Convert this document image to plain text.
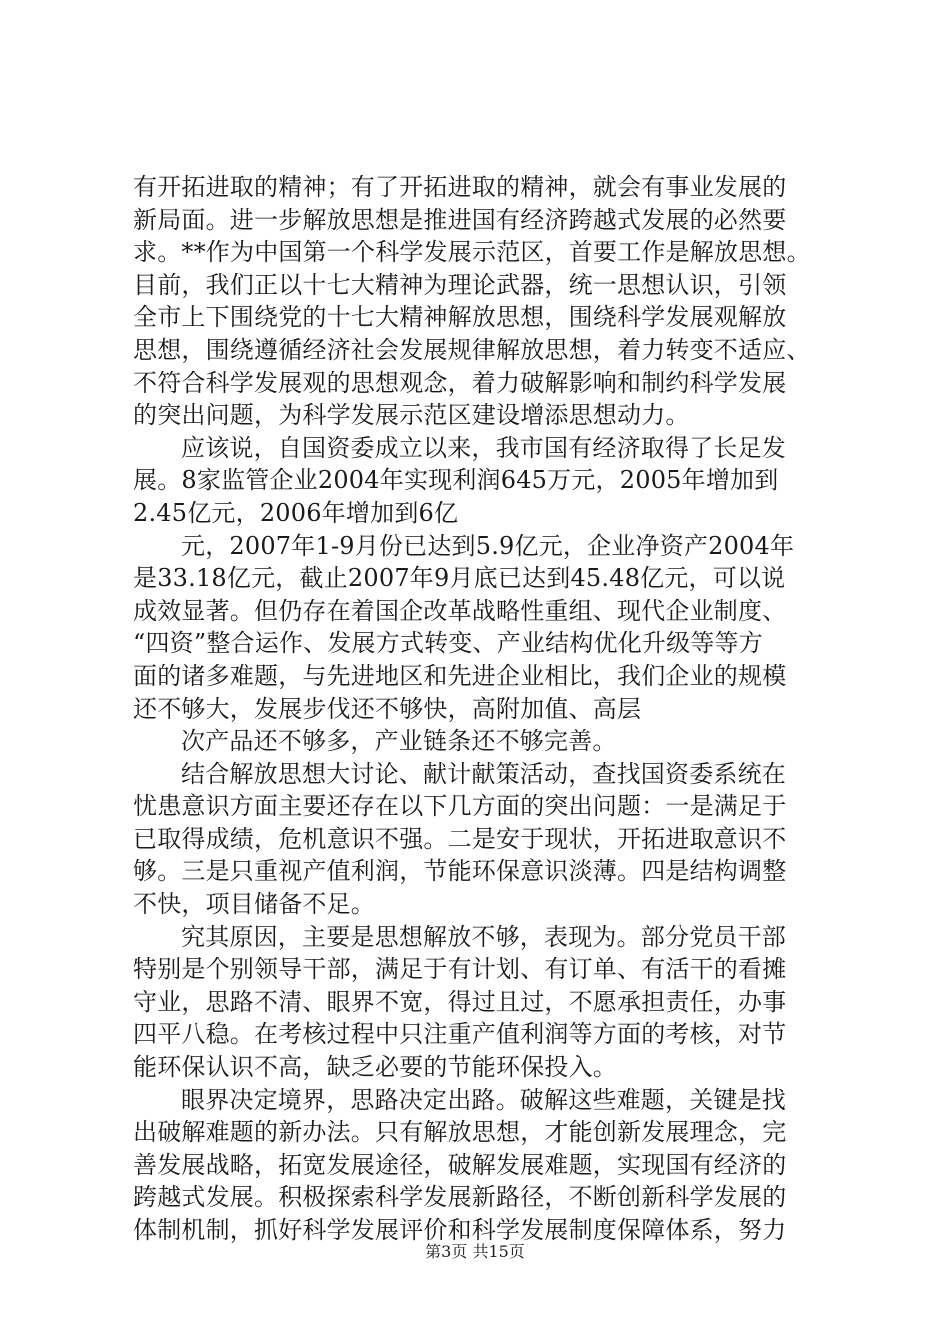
有开拓进取的精神；有了开拓进取的精神，就会有事业发展的
新局面。进一步解放思想是推进国有经济跨越式发展的必然要
求。**作为中国第一个科学发展示范区，首要工作是解放思想。
目前，我们正以十七大精神为理论武器，统一思想认识，引领
全市上下围绕党的十七大精神解放思想，围绕科学发展观解放
思想，围绕遵循经济社会发展规律解放思想，着力转变不适应、
不符合科学发展观的思想观念，着力破解影响和制约科学发展
的突出问题，为科学发展示范区建设增添思想动力。
应该说，自国资委成立以来，我市国有经济取得了长足发
展。8家监管企业2004年实现利润645万元，2005年增加到
2.45亿元，2006年增加到6亿
元，2007年1-9月份已达到5.9亿元，企业净资产2004年
是33.18亿元，截止2007年9月底已达到45.48亿元，可以说
成效显著。但仍存在着国企改革战略性重组、现代企业制度、
“四资”整合运作、发展方式转变、产业结构优化升级等等方
面的诸多难题，与先进地区和先进企业相比，我们企业的规模
还不够大，发展步伐还不够快，高附加值、高层
次产品还不够多，产业链条还不够完善。
结合解放思想大讨论、献计献策活动，查找国资委系统在
忧患意识方面主要还存在以下几方面的突出问题：一是满足于
已取得成绩，危机意识不强。二是安于现状，开拓进取意识不
够。三是只重视产值利润，节能环保意识淡薄。四是结构调整
不快，项目储备不足。
究其原因，主要是思想解放不够，表现为。部分党员干部
特别是个别领导干部，满足于有计划、有订单、有活干的看摊
守业，思路不清、眼界不宽，得过且过，不愿承担责任，办事
四平八稳。在考核过程中只注重产值利润等方面的考核，对节
能环保认识不高，缺乏必要的节能环保投入。
眼界决定境界，思路决定出路。破解这些难题，关键是找
出破解难题的新办法。只有解放思想，才能创新发展理念，完
善发展战略，拓宽发展途径，破解发展难题，实现国有经济的
跨越式发展。积极探索科学发展新路径，不断创新科学发展的
体制机制，抓好科学发展评价和科学发展制度保障体系，努力
第3页 共15页
